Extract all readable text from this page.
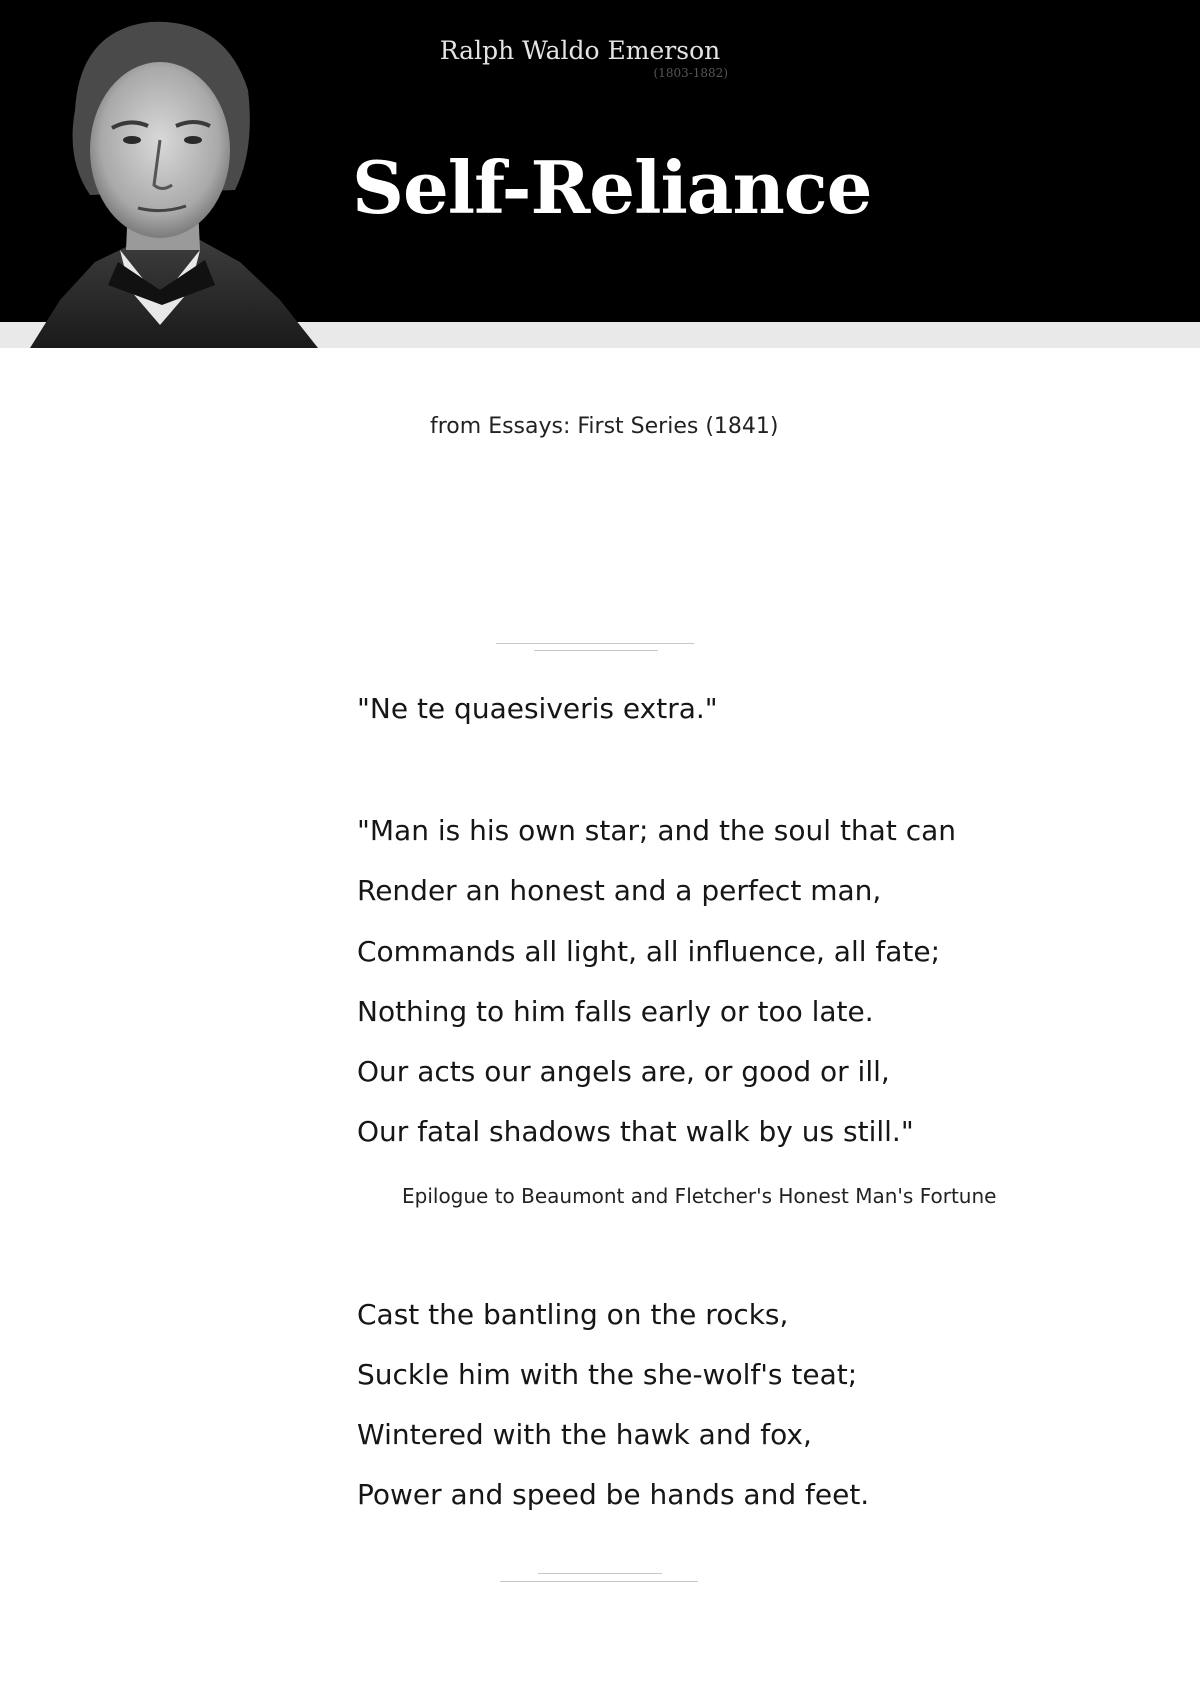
Ralph Waldo Emerson
(1803-1882)
Self-Reliance
from Essays: First Series (1841)
"Ne te quaesiveris extra."
"Man is his own star; and the soul that can
Render an honest and a perfect man,
Commands all light, all influence, all fate;
Nothing to him falls early or too late.
Our acts our angels are, or good or ill,
Our fatal shadows that walk by us still."
Epilogue to Beaumont and Fletcher's Honest Man's Fortune
Cast the bantling on the rocks,
Suckle him with the she-wolf's teat;
Wintered with the hawk and fox,
Power and speed be hands and feet.
